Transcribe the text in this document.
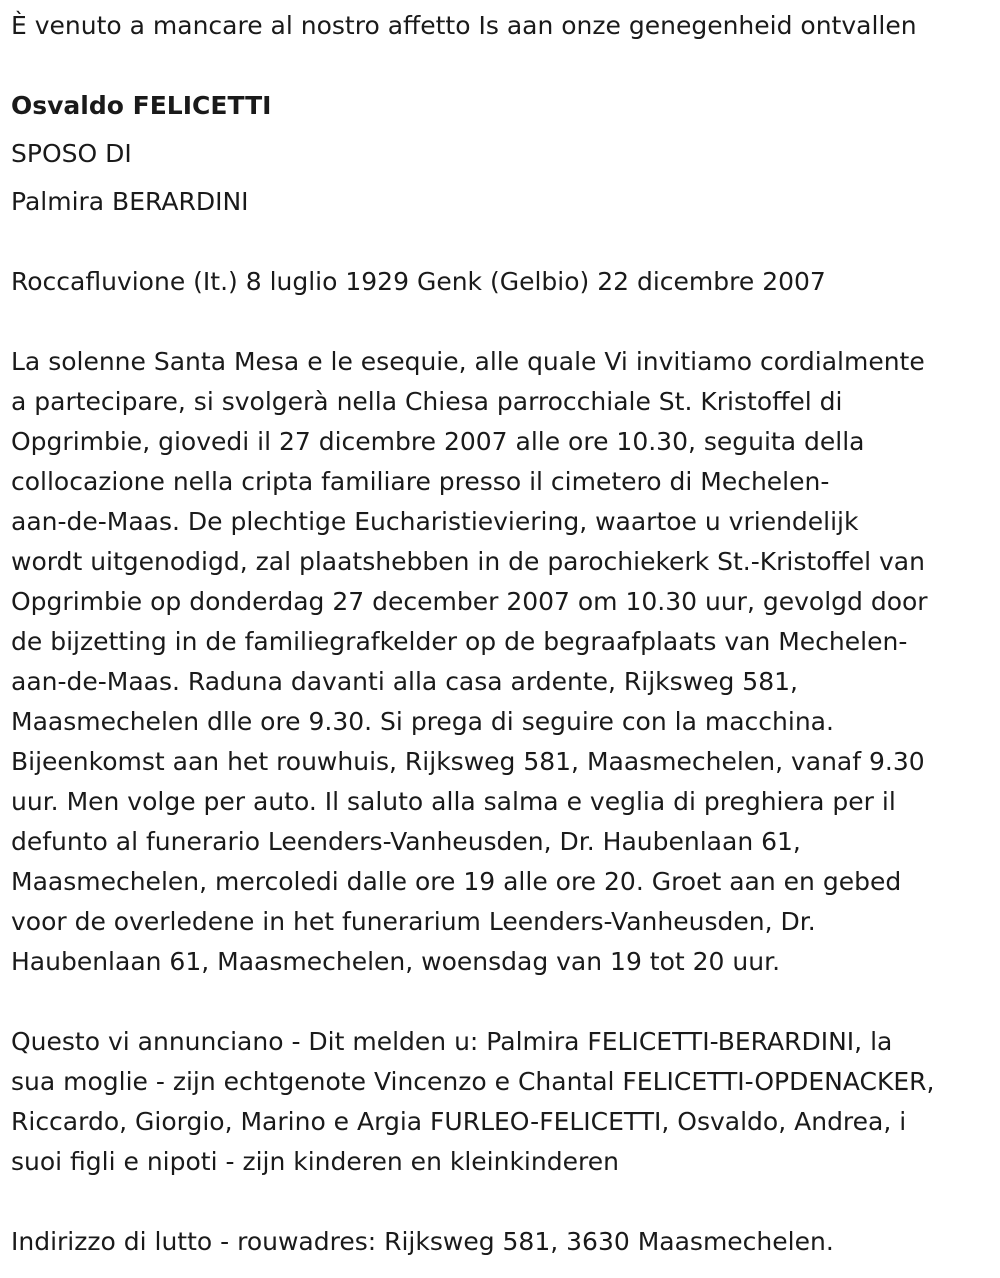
È venuto a mancare al nostro affetto Is aan onze genegenheid ontvallen

Osvaldo FELICETTI

SPOSO DI

Palmira BERARDINI

Roccafluvione (It.) 8 luglio 1929 Genk (Gelbio) 22 dicembre 2007

La solenne Santa Mesa e le esequie, alle quale Vi invitiamo cordialmente

a partecipare, si svolgerà nella Chiesa parrocchiale St. Kristoffel di

Opgrimbie, giovedi il 27 dicembre 2007 alle ore 10.30, seguita della

collocazione nella cripta familiare presso il cimetero di Mechelen-

aan-de-Maas. De plechtige Eucharistieviering, waartoe u vriendelijk

wordt uitgenodigd, zal plaatshebben in de parochiekerk St.-Kristoffel van

Opgrimbie op donderdag 27 december 2007 om 10.30 uur, gevolgd door

de bijzetting in de familiegrafkelder op de begraafplaats van Mechelen-

aan-de-Maas. Raduna davanti alla casa ardente, Rijksweg 581,

Maasmechelen dlle ore 9.30. Si prega di seguire con la macchina.

Bijeenkomst aan het rouwhuis, Rijksweg 581, Maasmechelen, vanaf 9.30

uur. Men volge per auto. Il saluto alla salma e veglia di preghiera per il

defunto al funerario Leenders-Vanheusden, Dr. Haubenlaan 61,

Maasmechelen, mercoledi dalle ore 19 alle ore 20. Groet aan en gebed

voor de overledene in het funerarium Leenders-Vanheusden, Dr.

Haubenlaan 61, Maasmechelen, woensdag van 19 tot 20 uur.

Questo vi annunciano - Dit melden u: Palmira FELICETTI-BERARDINI, la

sua moglie - zijn echtgenote Vincenzo e Chantal FELICETTI-OPDENACKER,

Riccardo, Giorgio, Marino e Argia FURLEO-FELICETTI, Osvaldo, Andrea, i

suoi figli e nipoti - zijn kinderen en kleinkinderen

Indirizzo di lutto - rouwadres: Rijksweg 581, 3630 Maasmechelen.
